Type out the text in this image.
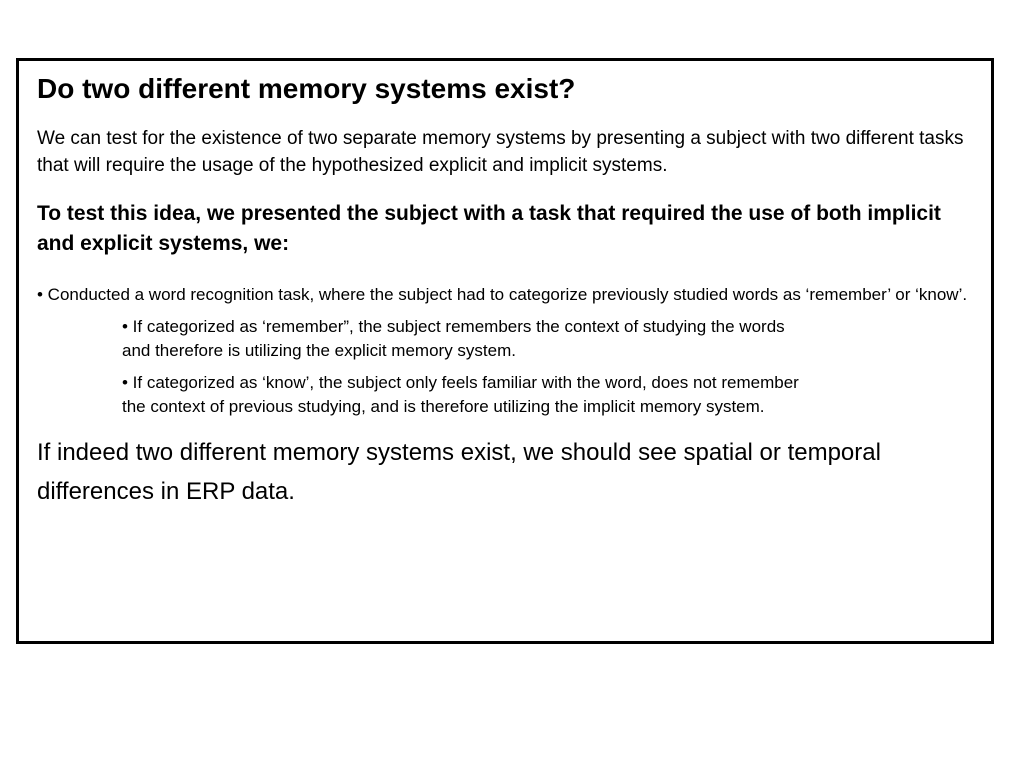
Do two different memory systems exist?

We can test for the existence of two separate memory systems by presenting a subject with two different tasks that will require the usage of the hypothesized explicit and implicit systems.

To test this idea, we presented the subject with a task that required the use of both implicit and explicit systems, we:

• Conducted a word recognition task, where the subject had to categorize previously studied words as ‘remember’ or ‘know’.

• If categorized as ‘remember”, the subject remembers the context of studying the words and therefore is utilizing the explicit memory system.

• If categorized as ‘know’, the subject only feels familiar with the word, does not remember the context of previous studying, and is therefore utilizing the implicit memory system.

If indeed two different memory systems exist, we should see spatial or temporal differences in ERP data.
